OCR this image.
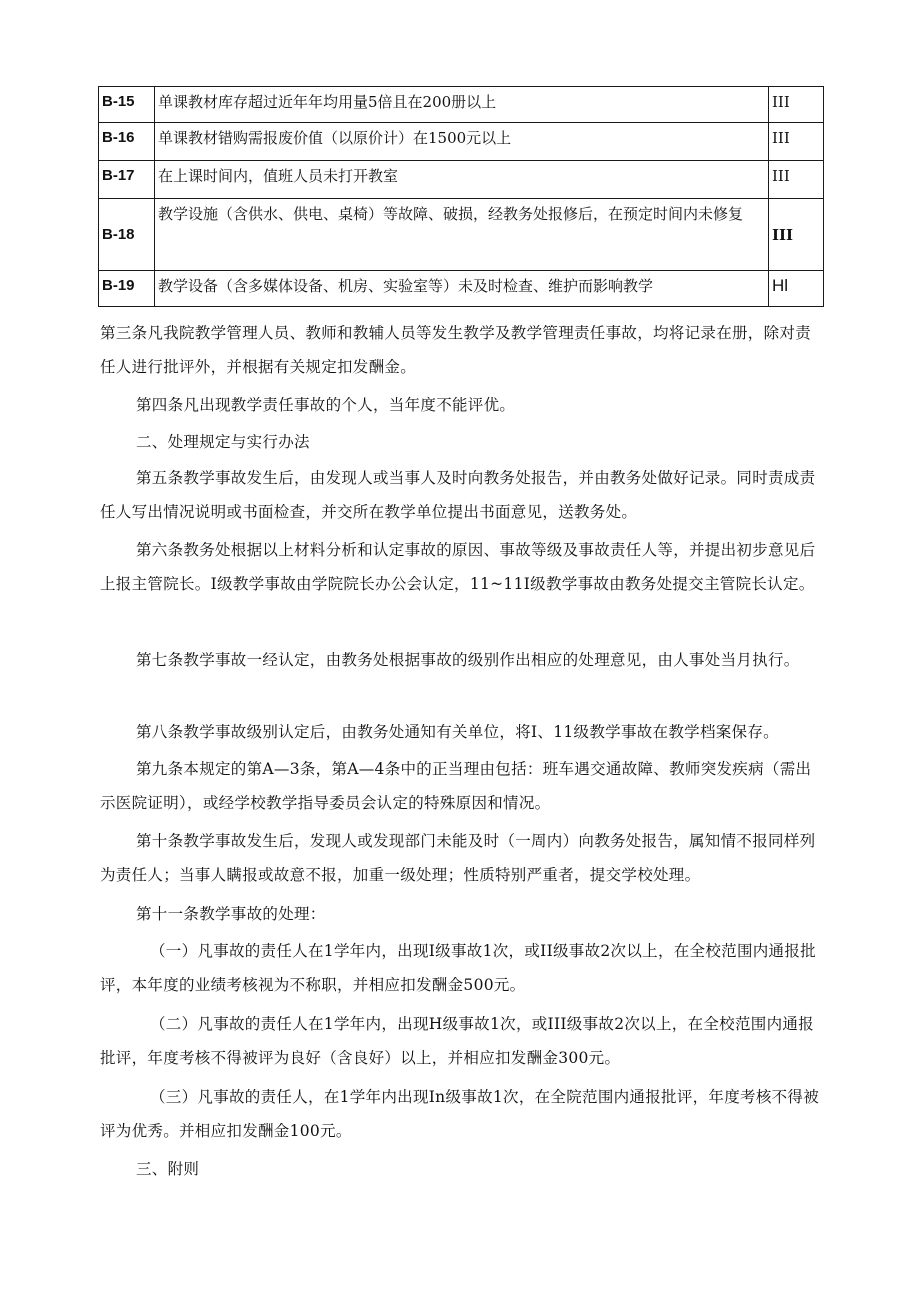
B-15	单课教材库存超过近年年均用量5倍且在200册以上	III
B-16	单课教材错购需报废价值（以原价计）在1500元以上	III
B-17	在上课时间内，值班人员未打开教室	III
B-18	教学设施（含供水、供电、桌椅）等故障、破损，经教务处报修后，在预定时间内未修复	III
B-19	教学设备（含多媒体设备、机房、实验室等）未及时检查、维护而影响教学	Hl

第三条凡我院教学管理人员、教师和教辅人员等发生教学及教学管理责任事故，均将记录在册，除对责任人进行批评外，并根据有关规定扣发酬金。

第四条凡出现教学责任事故的个人，当年度不能评优。

二、处理规定与实行办法

第五条教学事故发生后，由发现人或当事人及时向教务处报告，并由教务处做好记录。同时责成责任人写出情况说明或书面检查，并交所在教学单位提出书面意见，送教务处。

第六条教务处根据以上材料分析和认定事故的原因、事故等级及事故责任人等，并提出初步意见后上报主管院长。I级教学事故由学院院长办公会认定，11~11I级教学事故由教务处提交主管院长认定。

第七条教学事故一经认定，由教务处根据事故的级别作出相应的处理意见，由人事处当月执行。

第八条教学事故级别认定后，由教务处通知有关单位，将I、11级教学事故在教学档案保存。

第九条本规定的第A—3条，第A—4条中的正当理由包括：班车遇交通故障、教师突发疾病（需出示医院证明），或经学校教学指导委员会认定的特殊原因和情况。

第十条教学事故发生后，发现人或发现部门未能及时（一周内）向教务处报告，属知情不报同样列为责任人；当事人瞒报或故意不报，加重一级处理；性质特别严重者，提交学校处理。

第十一条教学事故的处理：

（一）凡事故的责任人在1学年内，出现I级事故1次，或II级事故2次以上，在全校范围内通报批评，本年度的业绩考核视为不称职，并相应扣发酬金500元。

（二）凡事故的责任人在1学年内，出现H级事故1次，或III级事故2次以上，在全校范围内通报批评，年度考核不得被评为良好（含良好）以上，并相应扣发酬金300元。

（三）凡事故的责任人，在1学年内出现In级事故1次，在全院范围内通报批评，年度考核不得被评为优秀。并相应扣发酬金100元。

三、附则
